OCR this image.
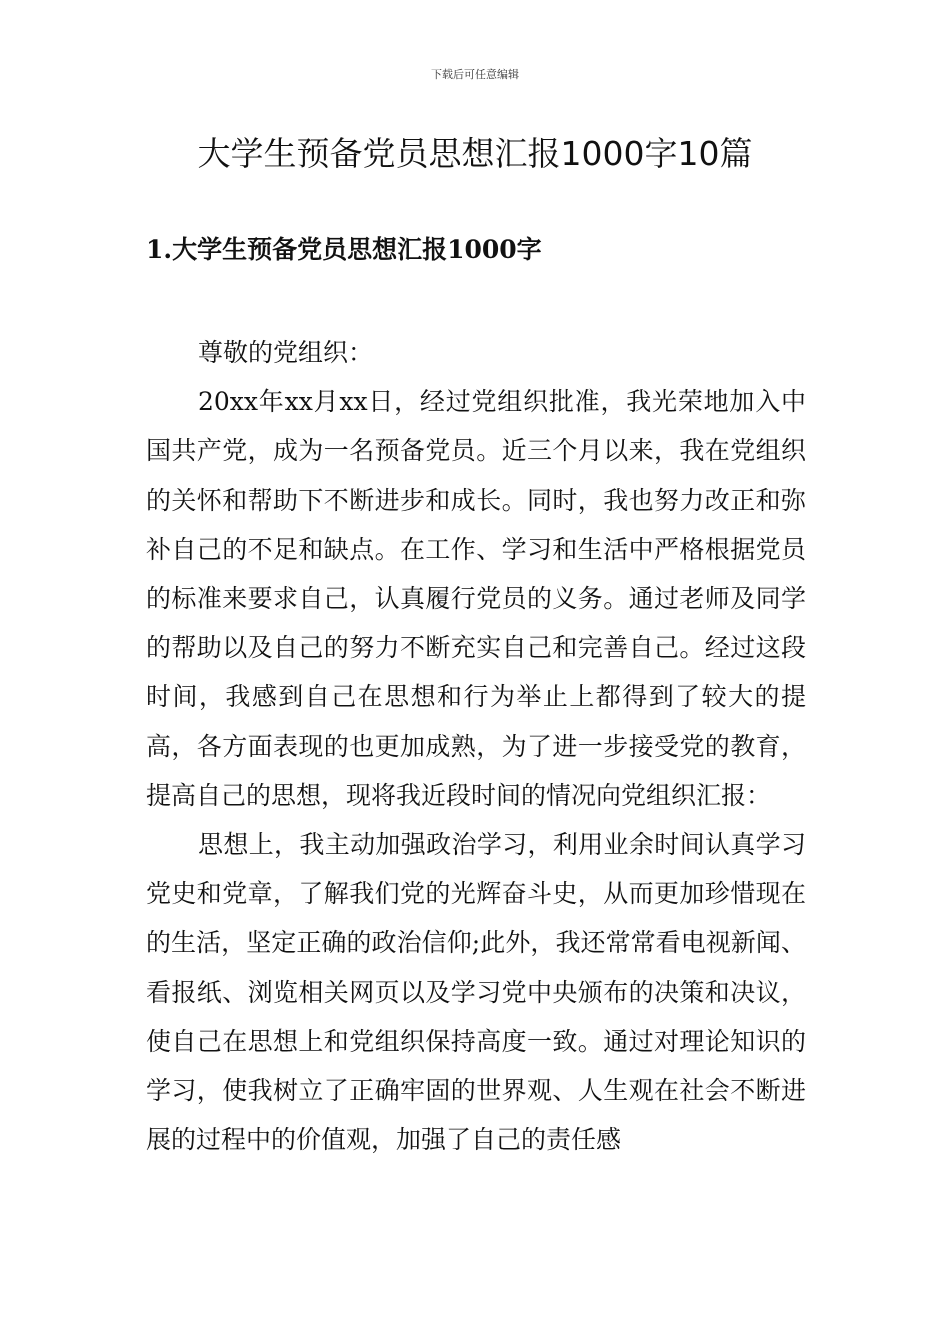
下载后可任意编辑
大学生预备党员思想汇报1000字10篇
1.大学生预备党员思想汇报1000字

尊敬的党组织：

20xx年xx月xx日，经过党组织批准，我光荣地加入中国共产党，成为一名预备党员。近三个月以来，我在党组织的关怀和帮助下不断进步和成长。同时，我也努力改正和弥补自己的不足和缺点。在工作、学习和生活中严格根据党员的标准来要求自己，认真履行党员的义务。通过老师及同学的帮助以及自己的努力不断充实自己和完善自己。经过这段时间，我感到自己在思想和行为举止上都得到了较大的提高，各方面表现的也更加成熟，为了进一步接受党的教育，提高自己的思想，现将我近段时间的情况向党组织汇报：

思想上，我主动加强政治学习，利用业余时间认真学习党史和党章，了解我们党的光辉奋斗史，从而更加珍惜现在的生活，坚定正确的政治信仰;此外，我还常常看电视新闻、看报纸、浏览相关网页以及学习党中央颁布的决策和决议，使自己在思想上和党组织保持高度一致。通过对理论知识的学习，使我树立了正确牢固的世界观、人生观在社会不断进展的过程中的价值观，加强了自己的责任感
